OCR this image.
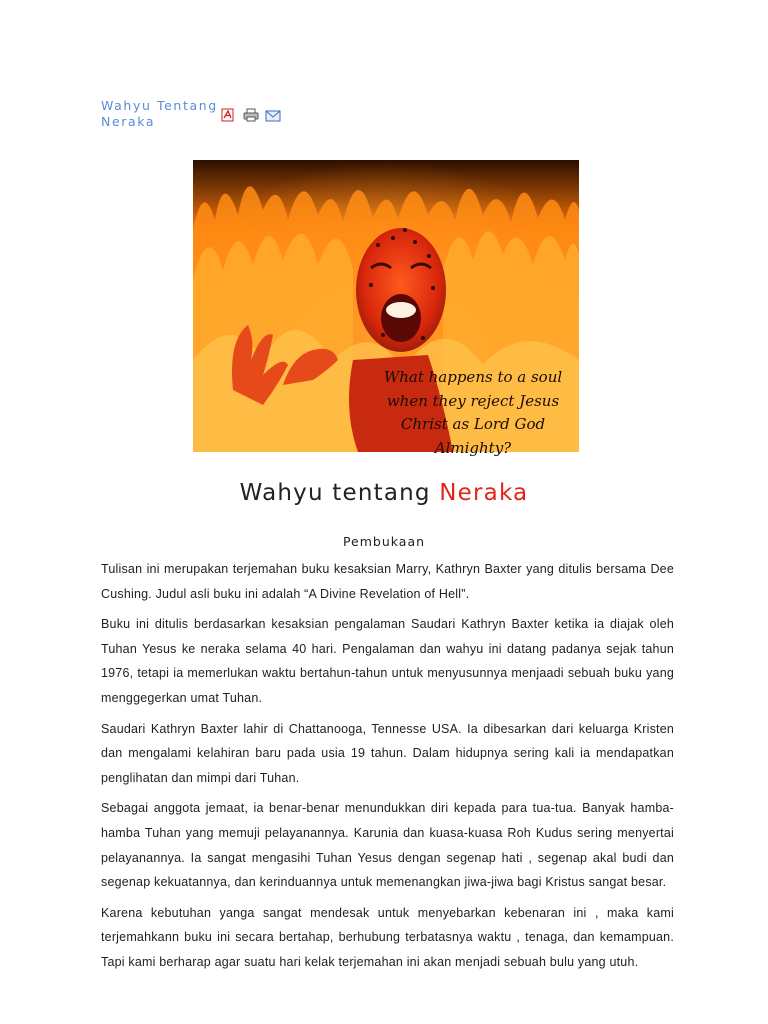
Wahyu Tentang Neraka
What happens to a soul when they reject Jesus Christ as Lord God Almighty?
Wahyu tentang Neraka
Pembukaan

Tulisan ini merupakan terjemahan buku kesaksian Marry, Kathryn Baxter yang ditulis bersama Dee Cushing. Judul asli buku ini adalah “A Divine Revelation of Hell”.

Buku ini ditulis berdasarkan kesaksian pengalaman Saudari Kathryn Baxter ketika ia diajak oleh Tuhan Yesus ke neraka selama 40 hari. Pengalaman dan wahyu ini datang padanya sejak tahun 1976, tetapi ia memerlukan waktu bertahun-tahun untuk menyusunnya menjaadi sebuah buku yang menggegerkan umat Tuhan.

Saudari Kathryn Baxter lahir di Chattanooga, Tennesse USA. Ia dibesarkan dari keluarga Kristen dan mengalami kelahiran baru pada usia 19 tahun. Dalam hidupnya sering kali ia mendapatkan penglihatan dan mimpi dari Tuhan.

Sebagai anggota jemaat, ia benar-benar menundukkan diri kepada para tua-tua. Banyak hamba-hamba Tuhan yang memuji pelayanannya. Karunia dan kuasa-kuasa Roh Kudus sering menyertai pelayanannya. Ia sangat mengasihi Tuhan Yesus dengan segenap hati , segenap akal budi dan segenap kekuatannya, dan kerinduannya untuk memenangkan jiwa-jiwa bagi Kristus sangat besar.

Karena kebutuhan yanga sangat mendesak untuk menyebarkan kebenaran ini , maka kami terjemahkann buku ini secara bertahap, berhubung terbatasnya waktu , tenaga, dan kemampuan. Tapi kami berharap agar suatu hari kelak terjemahan ini akan menjadi sebuah bulu yang utuh.
